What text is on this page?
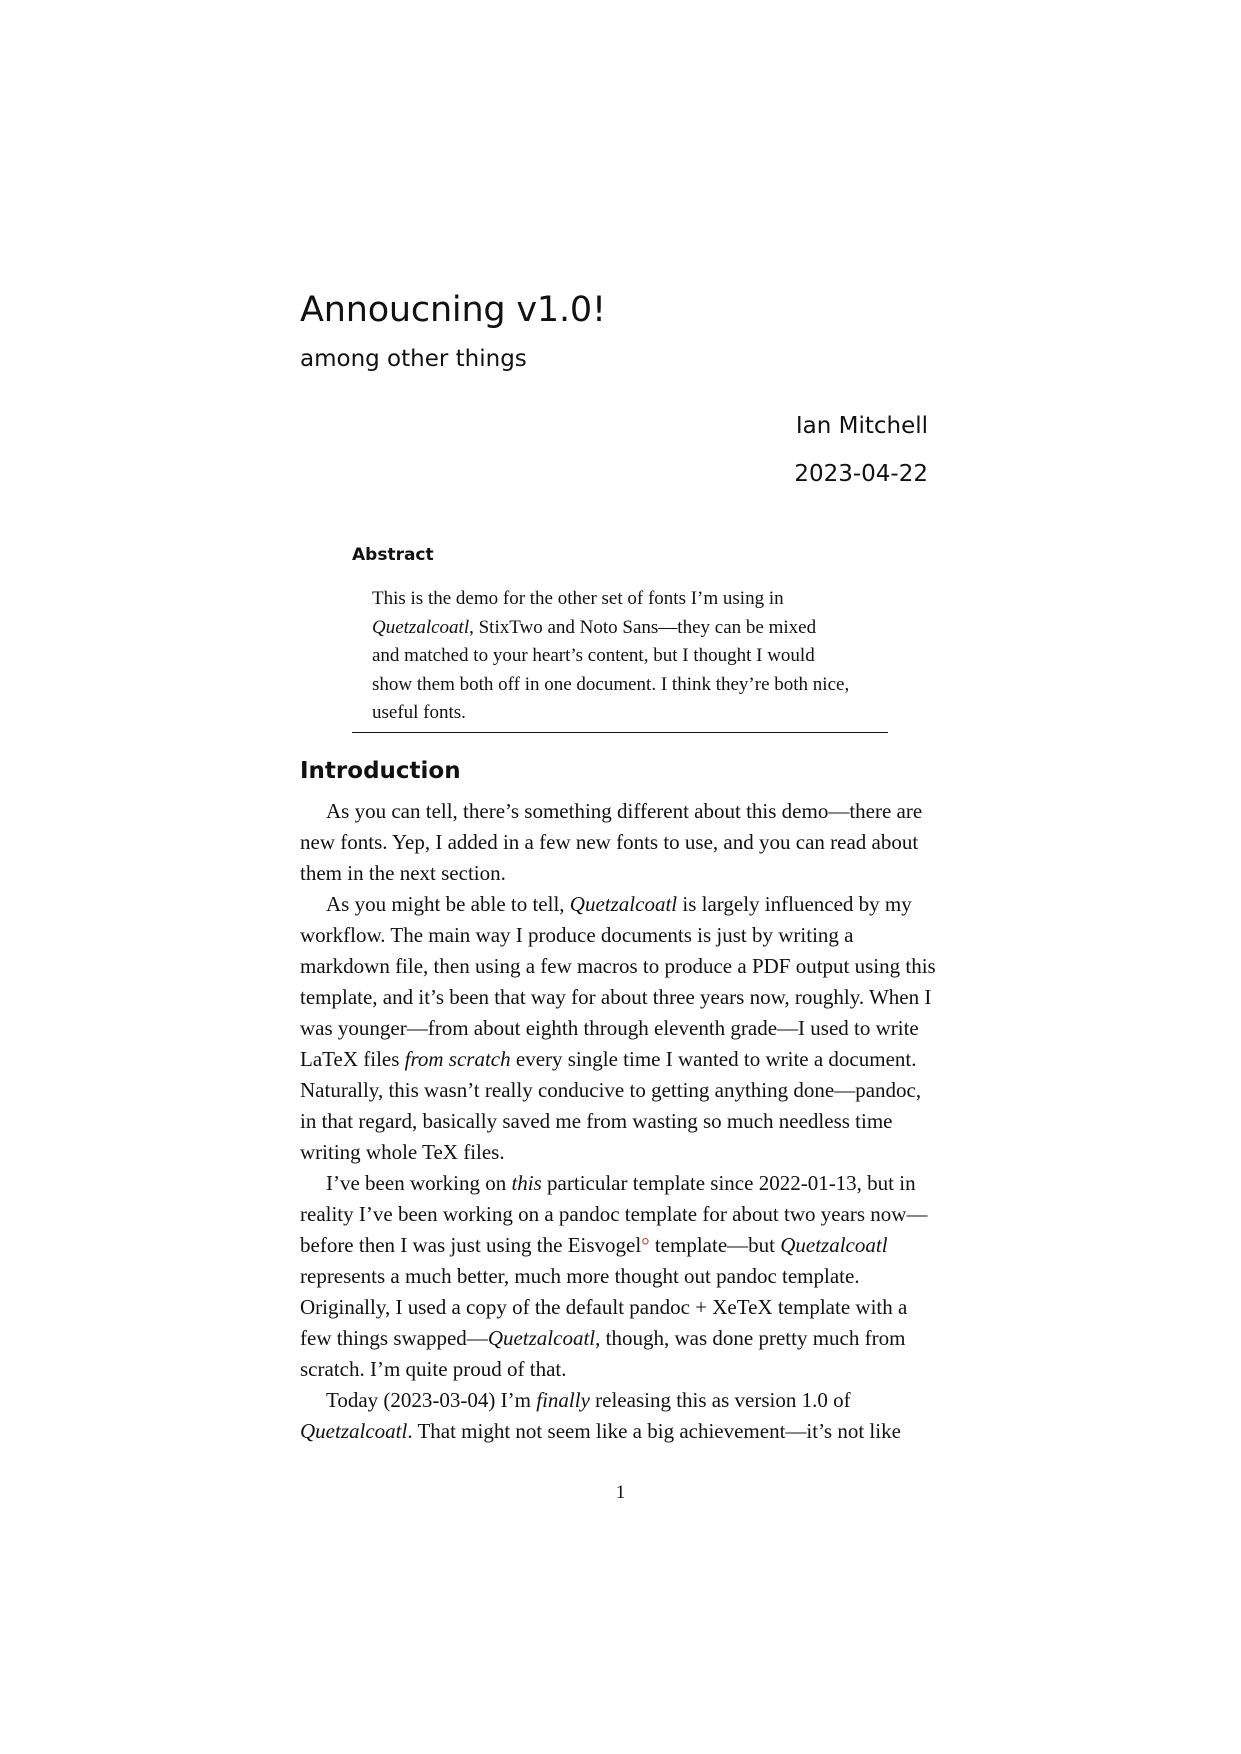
Annoucning v1.0!
among other things
Ian Mitchell
2023-04-22
Abstract
This is the demo for the other set of fonts I’m using in
Quetzalcoatl, StixTwo and Noto Sans—they can be mixed
and matched to your heart’s content, but I thought I would
show them both off in one document. I think they’re both nice,
useful fonts.
Introduction

As you can tell, there’s something different about this demo—there are new fonts. Yep, I added in a few new fonts to use, and you can read about them in the next section.

As you might be able to tell, Quetzalcoatl is largely influenced by my workflow. The main way I produce documents is just by writing a markdown file, then using a few macros to produce a PDF output using this template, and it’s been that way for about three years now, roughly. When I was younger—from about eighth through eleventh grade—I used to write LaTeX files from scratch every single time I wanted to write a document. Naturally, this wasn’t really conducive to getting anything done—pandoc, in that regard, basically saved me from wasting so much needless time writing whole TeX files.

I’ve been working on this particular template since 2022-01-13, but in reality I’ve been working on a pandoc template for about two years now—before then I was just using the Eisvogel° template—but Quetzalcoatl represents a much better, much more thought out pandoc template. Originally, I used a copy of the default pandoc + XeTeX template with a few things swapped—Quetzalcoatl, though, was done pretty much from scratch. I’m quite proud of that.

Today (2023-03-04) I’m finally releasing this as version 1.0 of Quetzalcoatl. That might not seem like a big achievement—it’s not like

1
